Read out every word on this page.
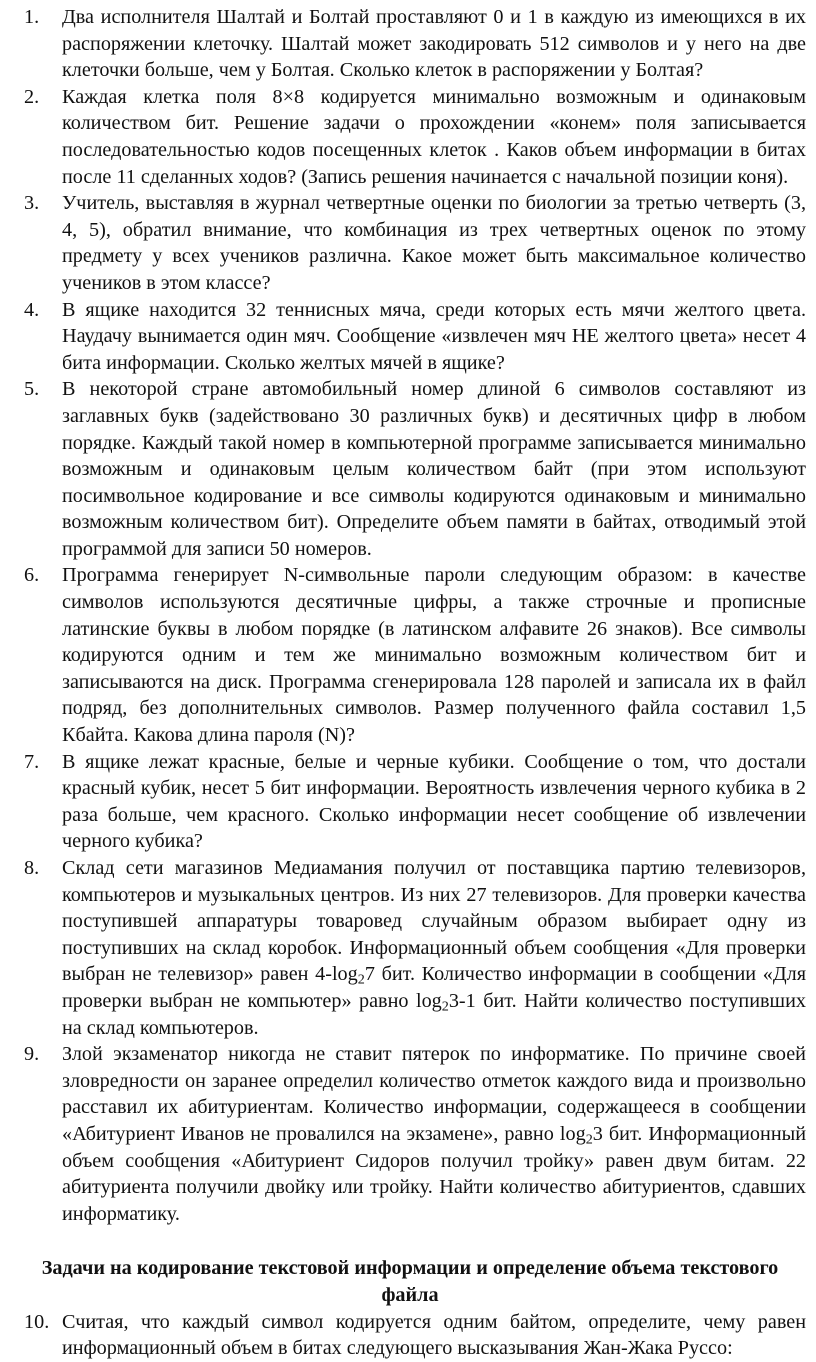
1.	Два исполнителя Шалтай и Болтай проставляют 0 и 1 в каждую из имеющихся в их распоряжении клеточку. Шалтай может закодировать 512 символов и у него на две клеточки больше, чем у Болтая. Сколько клеток в распоряжении у Болтая?
2.	Каждая клетка поля 8×8 кодируется минимально возможным и одинаковым количеством бит. Решение задачи о прохождении «конем» поля записывается последовательностью кодов посещенных клеток . Каков объем информации в битах после 11 сделанных ходов? (Запись решения начинается с начальной позиции коня).
3.	Учитель, выставляя в журнал четвертные оценки по биологии за третью четверть (3, 4, 5), обратил внимание, что комбинация из трех четвертных оценок по этому предмету у всех учеников различна. Какое может быть максимальное количество учеников в этом классе?
4.	В ящике находится 32 теннисных мяча, среди которых есть мячи желтого цвета. Наудачу вынимается один мяч. Сообщение «извлечен мяч НЕ желтого цвета» несет 4 бита информации. Сколько желтых мячей в ящике?
5.	В некоторой стране автомобильный номер длиной 6 символов составляют из заглавных букв (задействовано 30 различных букв) и десятичных цифр в любом порядке. Каждый такой номер в компьютерной программе записывается минимально возможным и одинаковым целым количеством байт (при этом используют посимвольное кодирование и все символы кодируются одинаковым и минимально возможным количеством бит). Определите объем памяти в байтах, отводимый этой программой для записи 50 номеров.
6.	Программа генерирует N-символьные пароли следующим образом: в качестве символов используются десятичные цифры, а также строчные и прописные латинские буквы в любом порядке (в латинском алфавите 26 знаков). Все символы кодируются одним и тем же минимально возможным количеством бит и записываются на диск. Программа сгенерировала 128 паролей и записала их в файл подряд, без дополнительных символов. Размер полученного файла составил 1,5 Кбайта. Какова длина пароля (N)?
7.	В ящике лежат красные, белые и черные кубики. Сообщение о том, что достали красный кубик, несет 5 бит информации. Вероятность извлечения черного кубика в 2 раза больше, чем красного. Сколько информации несет сообщение об извлечении черного кубика?
8.	Склад сети магазинов Медиамания получил от поставщика партию телевизоров, компьютеров и музыкальных центров. Из них 27 телевизоров. Для проверки качества поступившей аппаратуры товаровед случайным образом выбирает одну из поступивших на склад коробок. Информационный объем сообщения «Для проверки выбран не телевизор» равен $4-\log_27$ бит. Количество информации в сообщении «Для проверки выбран не компьютер» равно $\log_23-1$ бит. Найти количество поступивших на склад компьютеров.
9.	Злой экзаменатор никогда не ставит пятерок по информатике. По причине своей зловредности он заранее определил количество отметок каждого вида и произвольно расставил их абитуриентам. Количество информации, содержащееся в сообщении «Абитуриент Иванов не провалился на экзамене», равно $\log_23$ бит. Информационный объем сообщения «Абитуриент Сидоров получил тройку» равен двум битам. 22 абитуриента получили двойку или тройку. Найти количество абитуриентов, сдавших информатику.
Задачи на кодирование текстовой информации и определение объема текстового файла
10. Считая, что каждый символ кодируется одним байтом, определите, чему равен информационный объем в битах следующего высказывания Жан-Жака Руссо:
